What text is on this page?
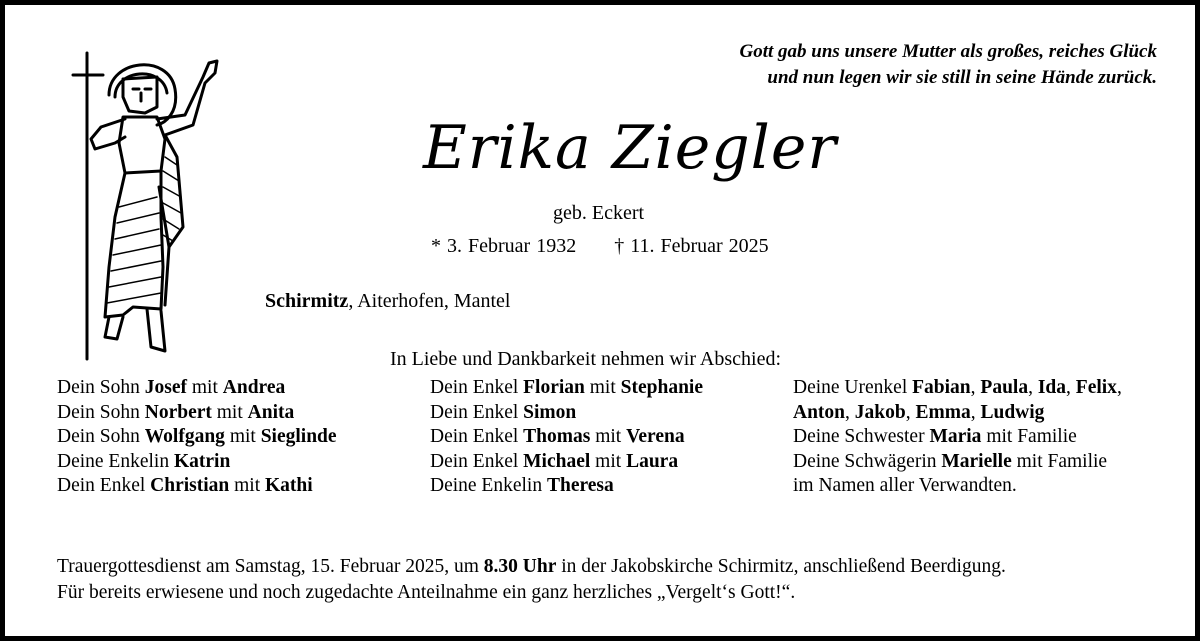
Gott gab uns unsere Mutter als großes, reiches Glück
und nun legen wir sie still in seine Hände zurück.
Erika Ziegler
geb. Eckert
* 3. Februar 1932 † 11. Februar 2025
Schirmitz, Aiterhofen, Mantel
In Liebe und Dankbarkeit nehmen wir Abschied:
Dein Sohn Josef mit Andrea
Dein Sohn Norbert mit Anita
Dein Sohn Wolfgang mit Sieglinde
Deine Enkelin Katrin
Dein Enkel Christian mit Kathi
Dein Enkel Florian mit Stephanie
Dein Enkel Simon
Dein Enkel Thomas mit Verena
Dein Enkel Michael mit Laura
Deine Enkelin Theresa
Deine Urenkel Fabian, Paula, Ida, Felix,
Anton, Jakob, Emma, Ludwig
Deine Schwester Maria mit Familie
Deine Schwägerin Marielle mit Familie
im Namen aller Verwandten.
Trauergottesdienst am Samstag, 15. Februar 2025, um 8.30 Uhr in der Jakobskirche Schirmitz, anschließend Beerdigung.
Für bereits erwiesene und noch zugedachte Anteilnahme ein ganz herzliches „Vergelt‘s Gott!“.
